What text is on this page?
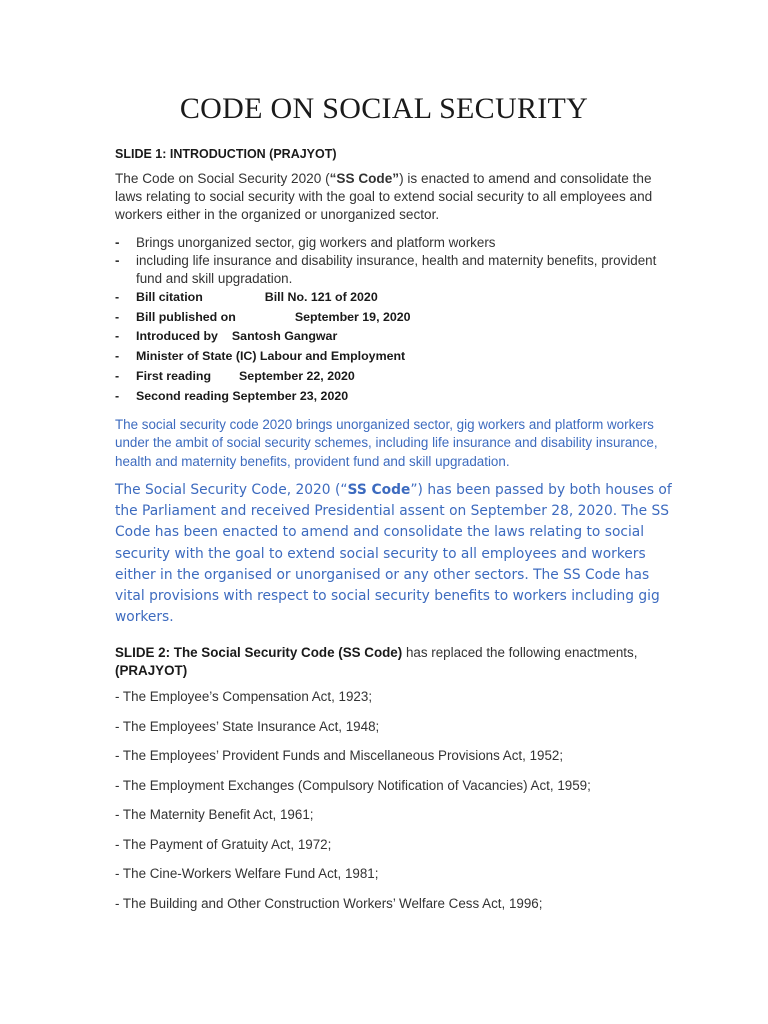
CODE ON SOCIAL SECURITY
SLIDE 1: INTRODUCTION (PRAJYOT)
The Code on Social Security 2020 (“SS Code”) is enacted to amend and consolidate the laws relating to social security with the goal to extend social security to all employees and workers either in the organized or unorganized sector.
- Brings unorganized sector, gig workers and platform workers
- including life insurance and disability insurance, health and maternity benefits, provident fund and skill upgradation.
- Bill citation	Bill No. 121 of 2020
- Bill published on	September 19, 2020
- Introduced by Santosh Gangwar
- Minister of State (IC) Labour and Employment
- First reading September 22, 2020
- Second reading September 23, 2020
The social security code 2020 brings unorganized sector, gig workers and platform workers under the ambit of social security schemes, including life insurance and disability insurance, health and maternity benefits, provident fund and skill upgradation.
The Social Security Code, 2020 (“SS Code”) has been passed by both houses of the Parliament and received Presidential assent on September 28, 2020. The SS Code has been enacted to amend and consolidate the laws relating to social security with the goal to extend social security to all employees and workers either in the organised or unorganised or any other sectors. The SS Code has vital provisions with respect to social security benefits to workers including gig workers.
SLIDE 2: The Social Security Code (SS Code) has replaced the following enactments,
(PRAJYOT)
- The Employee’s Compensation Act, 1923;
- The Employees’ State Insurance Act, 1948;
- The Employees’ Provident Funds and Miscellaneous Provisions Act, 1952;
- The Employment Exchanges (Compulsory Notification of Vacancies) Act, 1959;
- The Maternity Benefit Act, 1961;
- The Payment of Gratuity Act, 1972;
- The Cine-Workers Welfare Fund Act, 1981;
- The Building and Other Construction Workers’ Welfare Cess Act, 1996;
